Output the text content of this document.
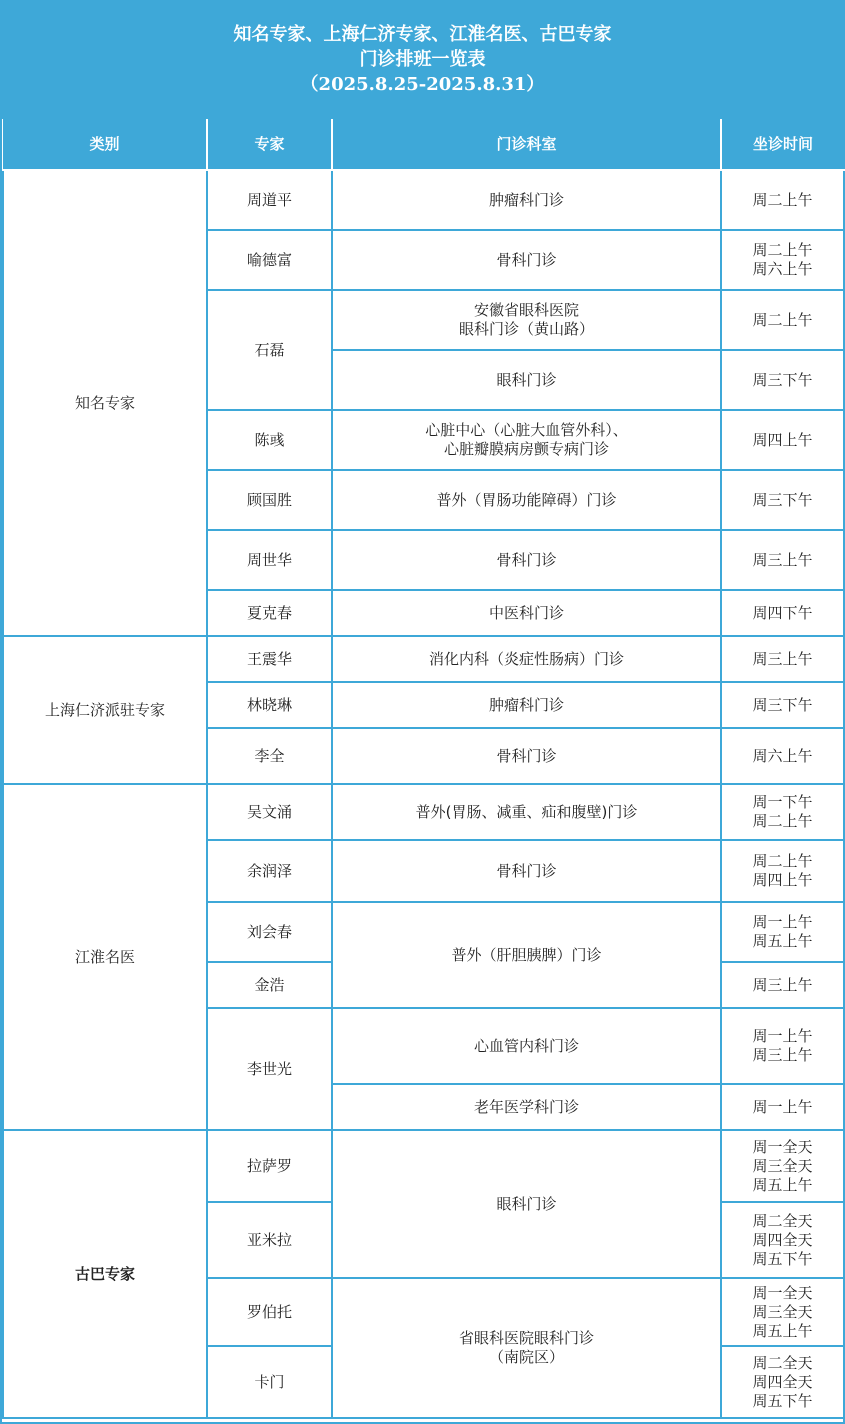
知名专家、上海仁济专家、江淮名医、古巴专家
门诊排班一览表
（2025.8.25-2025.8.31）
类别	专家	门诊科室	坐诊时间
知名专家	周道平	肿瘤科门诊	周二上午
	喻德富	骨科门诊	周二上午
周六上午
	石磊	安徽省眼科医院
眼科门诊（黄山路）	周二上午
		眼科门诊	周三下午
	陈彧	心脏中心（心脏大血管外科）、
心脏瓣膜病房颤专病门诊	周四上午
	顾国胜	普外（胃肠功能障碍）门诊	周三下午
	周世华	骨科门诊	周三上午
	夏克春	中医科门诊	周四下午

上海仁济派驻专家	王震华	消化内科（炎症性肠病）门诊	周三上午
	林晓琳	肿瘤科门诊	周三下午
	李全	骨科门诊	周六上午
江淮名医	吴文涌	普外(胃肠、减重、疝和腹壁)门诊	周一下午
周二上午
	余润泽	骨科门诊	周二上午
周四上午
	刘会春	普外（肝胆胰脾）门诊	周一上午
周五上午
	金浩		周三上午
	李世光	心血管内科门诊	周一上午
周三上午
		老年医学科门诊	周一上午

古巴专家	拉萨罗	眼科门诊	周一全天
周三全天
周五上午
	亚米拉		周二全天
周四全天
周五下午
	罗伯托	省眼科医院眼科门诊
（南院区）	周一全天
周三全天
周五上午
	卡门		周二全天
周四全天
周五下午
